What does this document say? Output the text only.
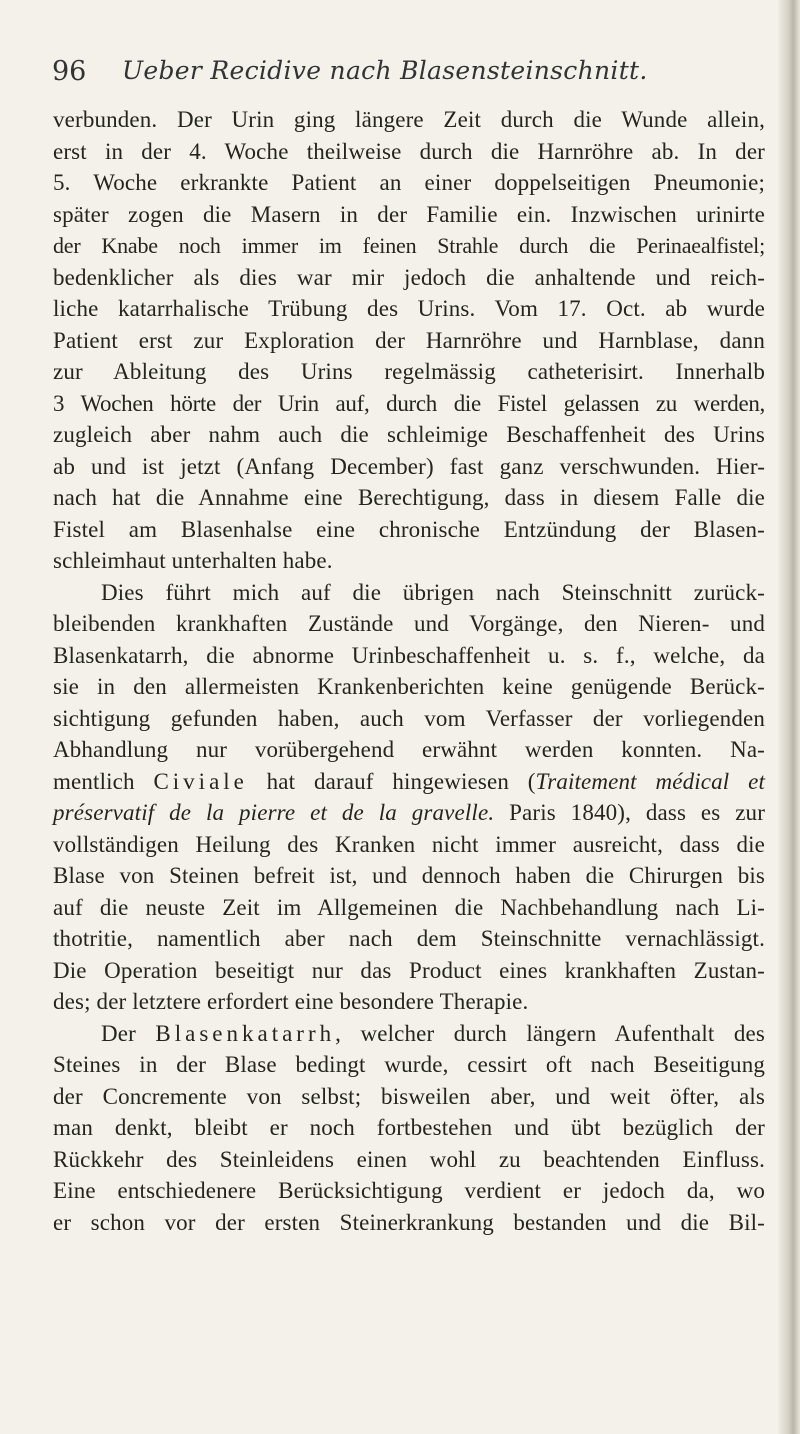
96 Ueber Recidive nach Blasensteinschnitt.
verbunden. Der Urin ging längere Zeit durch die Wunde allein,
erst in der 4. Woche theilweise durch die Harnröhre ab. In der
5. Woche erkrankte Patient an einer doppelseitigen Pneumonie;
später zogen die Masern in der Familie ein. Inzwischen urinirte
der Knabe noch immer im feinen Strahle durch die Perinaealfistel;
bedenklicher als dies war mir jedoch die anhaltende und reich-
liche katarrhalische Trübung des Urins. Vom 17. Oct. ab wurde
Patient erst zur Exploration der Harnröhre und Harnblase, dann
zur Ableitung des Urins regelmässig catheterisirt. Innerhalb
3 Wochen hörte der Urin auf, durch die Fistel gelassen zu werden,
zugleich aber nahm auch die schleimige Beschaffenheit des Urins
ab und ist jetzt (Anfang December) fast ganz verschwunden. Hier-
nach hat die Annahme eine Berechtigung, dass in diesem Falle die
Fistel am Blasenhalse eine chronische Entzündung der Blasen-
schleimhaut unterhalten habe.
Dies führt mich auf die übrigen nach Steinschnitt zurück-
bleibenden krankhaften Zustände und Vorgänge, den Nieren- und
Blasenkatarrh, die abnorme Urinbeschaffenheit u. s. f., welche, da
sie in den allermeisten Krankenberichten keine genügende Berück-
sichtigung gefunden haben, auch vom Verfasser der vorliegenden
Abhandlung nur vorübergehend erwähnt werden konnten. Na-
mentlich Civiale hat darauf hingewiesen (Traitement médical et
préservatif de la pierre et de la gravelle. Paris 1840), dass es zur
vollständigen Heilung des Kranken nicht immer ausreicht, dass die
Blase von Steinen befreit ist, und dennoch haben die Chirurgen bis
auf die neuste Zeit im Allgemeinen die Nachbehandlung nach Li-
thotritie, namentlich aber nach dem Steinschnitte vernachlässigt.
Die Operation beseitigt nur das Product eines krankhaften Zustan-
des; der letztere erfordert eine besondere Therapie.
Der Blasenkatarrh, welcher durch längern Aufenthalt des
Steines in der Blase bedingt wurde, cessirt oft nach Beseitigung
der Concremente von selbst; bisweilen aber, und weit öfter, als
man denkt, bleibt er noch fortbestehen und übt bezüglich der
Rückkehr des Steinleidens einen wohl zu beachtenden Einfluss.
Eine entschiedenere Berücksichtigung verdient er jedoch da, wo
er schon vor der ersten Steinerkrankung bestanden und die Bil-
